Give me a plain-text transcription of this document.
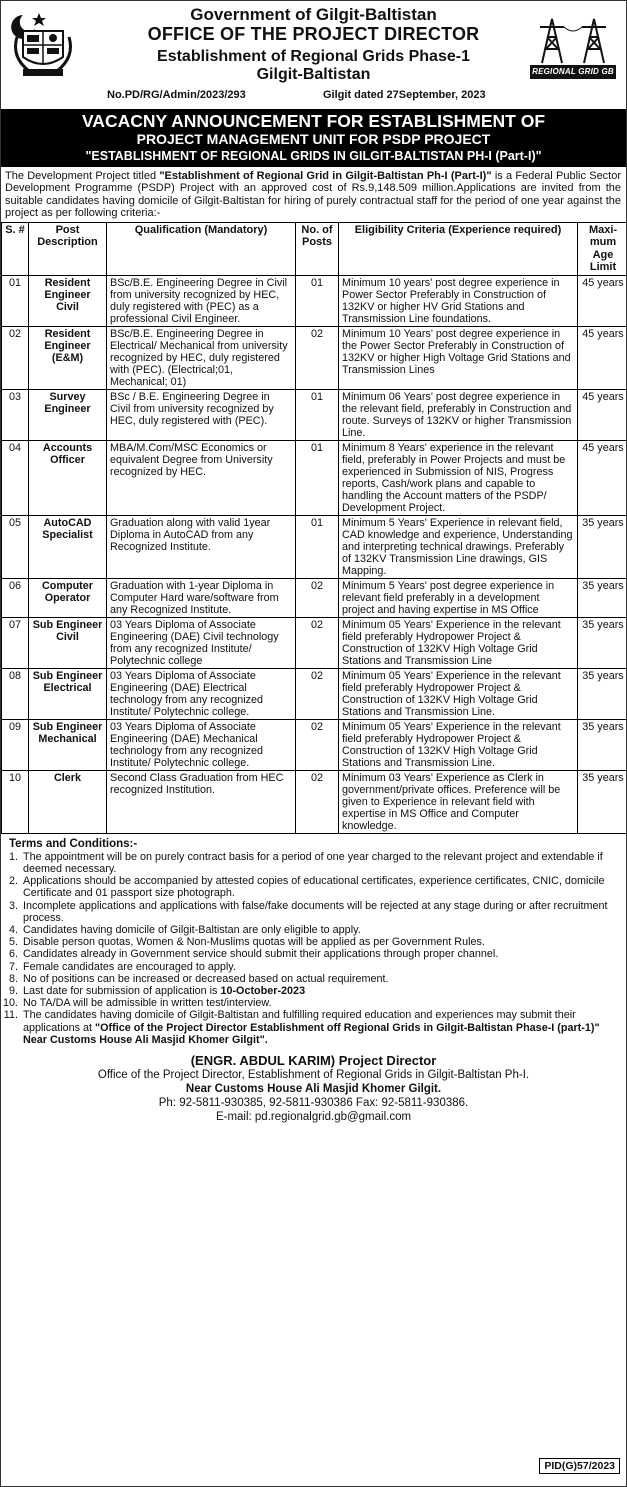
Government of Gilgit-Baltistan
OFFICE OF THE PROJECT DIRECTOR
Establishment of Regional Grids Phase-1
Gilgit-Baltistan
No.PD/RG/Admin/2023/293	Gilgit dated 27September, 2023
REGIONAL GRID GB
VACACNY ANNOUNCEMENT FOR ESTABLISHMENT OF
PROJECT MANAGEMENT UNIT FOR PSDP PROJECT
"ESTABLISHMENT OF REGIONAL GRIDS IN GILGIT-BALTISTAN PH-I (Part-I)"
The Development Project titled "Establishment of Regional Grid in Gilgit-Baltistan Ph-I (Part-I)" is a Federal Public Sector Development Programme (PSDP) Project with an approved cost of Rs.9,148.509 million.Applications are invited from the suitable candidates having domicile of Gilgit-Baltistan for hiring of purely contractual staff for the period of one year against the project as per following criteria:-
S. #	Post Description	Qualification (Mandatory)	No. of Posts	Eligibility Criteria (Experience required)	Maxi- mum Age Limit
01	Resident Engineer Civil	BSc/B.E. Engineering Degree in Civil from university recognized by HEC, duly registered with (PEC) as a professional Civil Engineer.	01	Minimum 10 years' post degree experience in Power Sector Preferably in Construction of 132KV or higher HV Grid Stations and Transmission Line foundations.	45 years
02	Resident Engineer (E&M)	BSc/B.E. Engineering Degree in Electrical/ Mechanical from university recognized by HEC, duly registered with (PEC). (Electrical;01, Mechanical; 01)	02	Minimum 10 Years' post degree experience in the Power Sector Preferably in Construction of 132KV or higher High Voltage Grid Stations and Transmission Lines	45 years
03	Survey Engineer	BSc / B.E. Engineering Degree in Civil from university recognized by HEC, duly registered with (PEC).	01	Minimum 06 Years' post degree experience in the relevant field, preferably in Construction and route. Surveys of 132KV or higher Transmission Line.	45 years
04	Accounts Officer	MBA/M.Com/MSC Economics or equivalent Degree from University recognized by HEC.	01	Minimum 8 Years' experience in the relevant field, preferably in Power Projects and must be experienced in Submission of NIS, Progress reports, Cash/work plans and capable to handling the Account matters of the PSDP/ Development Project.	45 years
05	AutoCAD Specialist	Graduation along with valid 1year Diploma in AutoCAD from any Recognized Institute.	01	Minimum 5 Years' Experience in relevant field, CAD knowledge and experience, Understanding and interpreting technical drawings. Preferably of 132KV Transmission Line drawings, GIS Mapping.	35 years
06	Computer Operator	Graduation with 1-year Diploma in Computer Hard ware/software from any Recognized Institute.	02	Minimum 5 Years' post degree experience in relevant field preferably in a development project and having expertise in MS Office	35 years
07	Sub Engineer Civil	03 Years Diploma of Associate Engineering (DAE) Civil technology from any recognized Institute/ Polytechnic college	02	Minimum 05 Years' Experience in the relevant field preferably Hydropower Project & Construction of 132KV High Voltage Grid Stations and Transmission Line	35 years
08	Sub Engineer Electrical	03 Years Diploma of Associate Engineering (DAE) Electrical technology from any recognized Institute/ Polytechnic college.	02	Minimum 05 Years' Experience in the relevant field preferably Hydropower Project & Construction of 132KV High Voltage Grid Stations and Transmission Line.	35 years
09	Sub Engineer Mechanical	03 Years Diploma of Associate Engineering (DAE) Mechanical technology from any recognized Institute/ Polytechnic college.	02	Minimum 05 Years' Experience in the relevant field preferably Hydropower Project & Construction of 132KV High Voltage Grid Stations and Transmission Line.	35 years
10	Clerk	Second Class Graduation from HEC recognized Institution.	02	Minimum 03 Years' Experience as Clerk in government/private offices. Preference will be given to Experience in relevant field with expertise in MS Office and Computer knowledge.	35 years
Terms and Conditions:-
1. The appointment will be on purely contract basis for a period of one year charged to the relevant project and extendable if deemed necessary.
2. Applications should be accompanied by attested copies of educational certificates, experience certificates, CNIC, domicile Certificate and 01 passport size photograph.
3. Incomplete applications and applications with false/fake documents will be rejected at any stage during or after recruitment process.
4. Candidates having domicile of Gilgit-Baltistan are only eligible to apply.
5. Disable person quotas, Women & Non-Muslims quotas will be applied as per Government Rules.
6. Candidates already in Government service should submit their applications through proper channel.
7. Female candidates are encouraged to apply.
8. No of positions can be increased or decreased based on actual requirement.
9. Last date for submission of application is 10-October-2023
10. No TA/DA will be admissible in written test/interview.
11. The candidates having domicile of Gilgit-Baltistan and fulfilling required education and experiences may submit their applications at "Office of the Project Director Establishment off Regional Grids in Gilgit-Baltistan Phase-I (part-1)" Near Customs House Ali Masjid Khomer Gilgit".
(ENGR. ABDUL KARIM) Project Director
Office of the Project Director, Establishment of Regional Grids in Gilgit-Baltistan Ph-I.
Near Customs House Ali Masjid Khomer Gilgit.
Ph: 92-5811-930385, 92-5811-930386 Fax: 92-5811-930386.
E-mail: pd.regionalgrid.gb@gmail.com
PID(G)57/2023
